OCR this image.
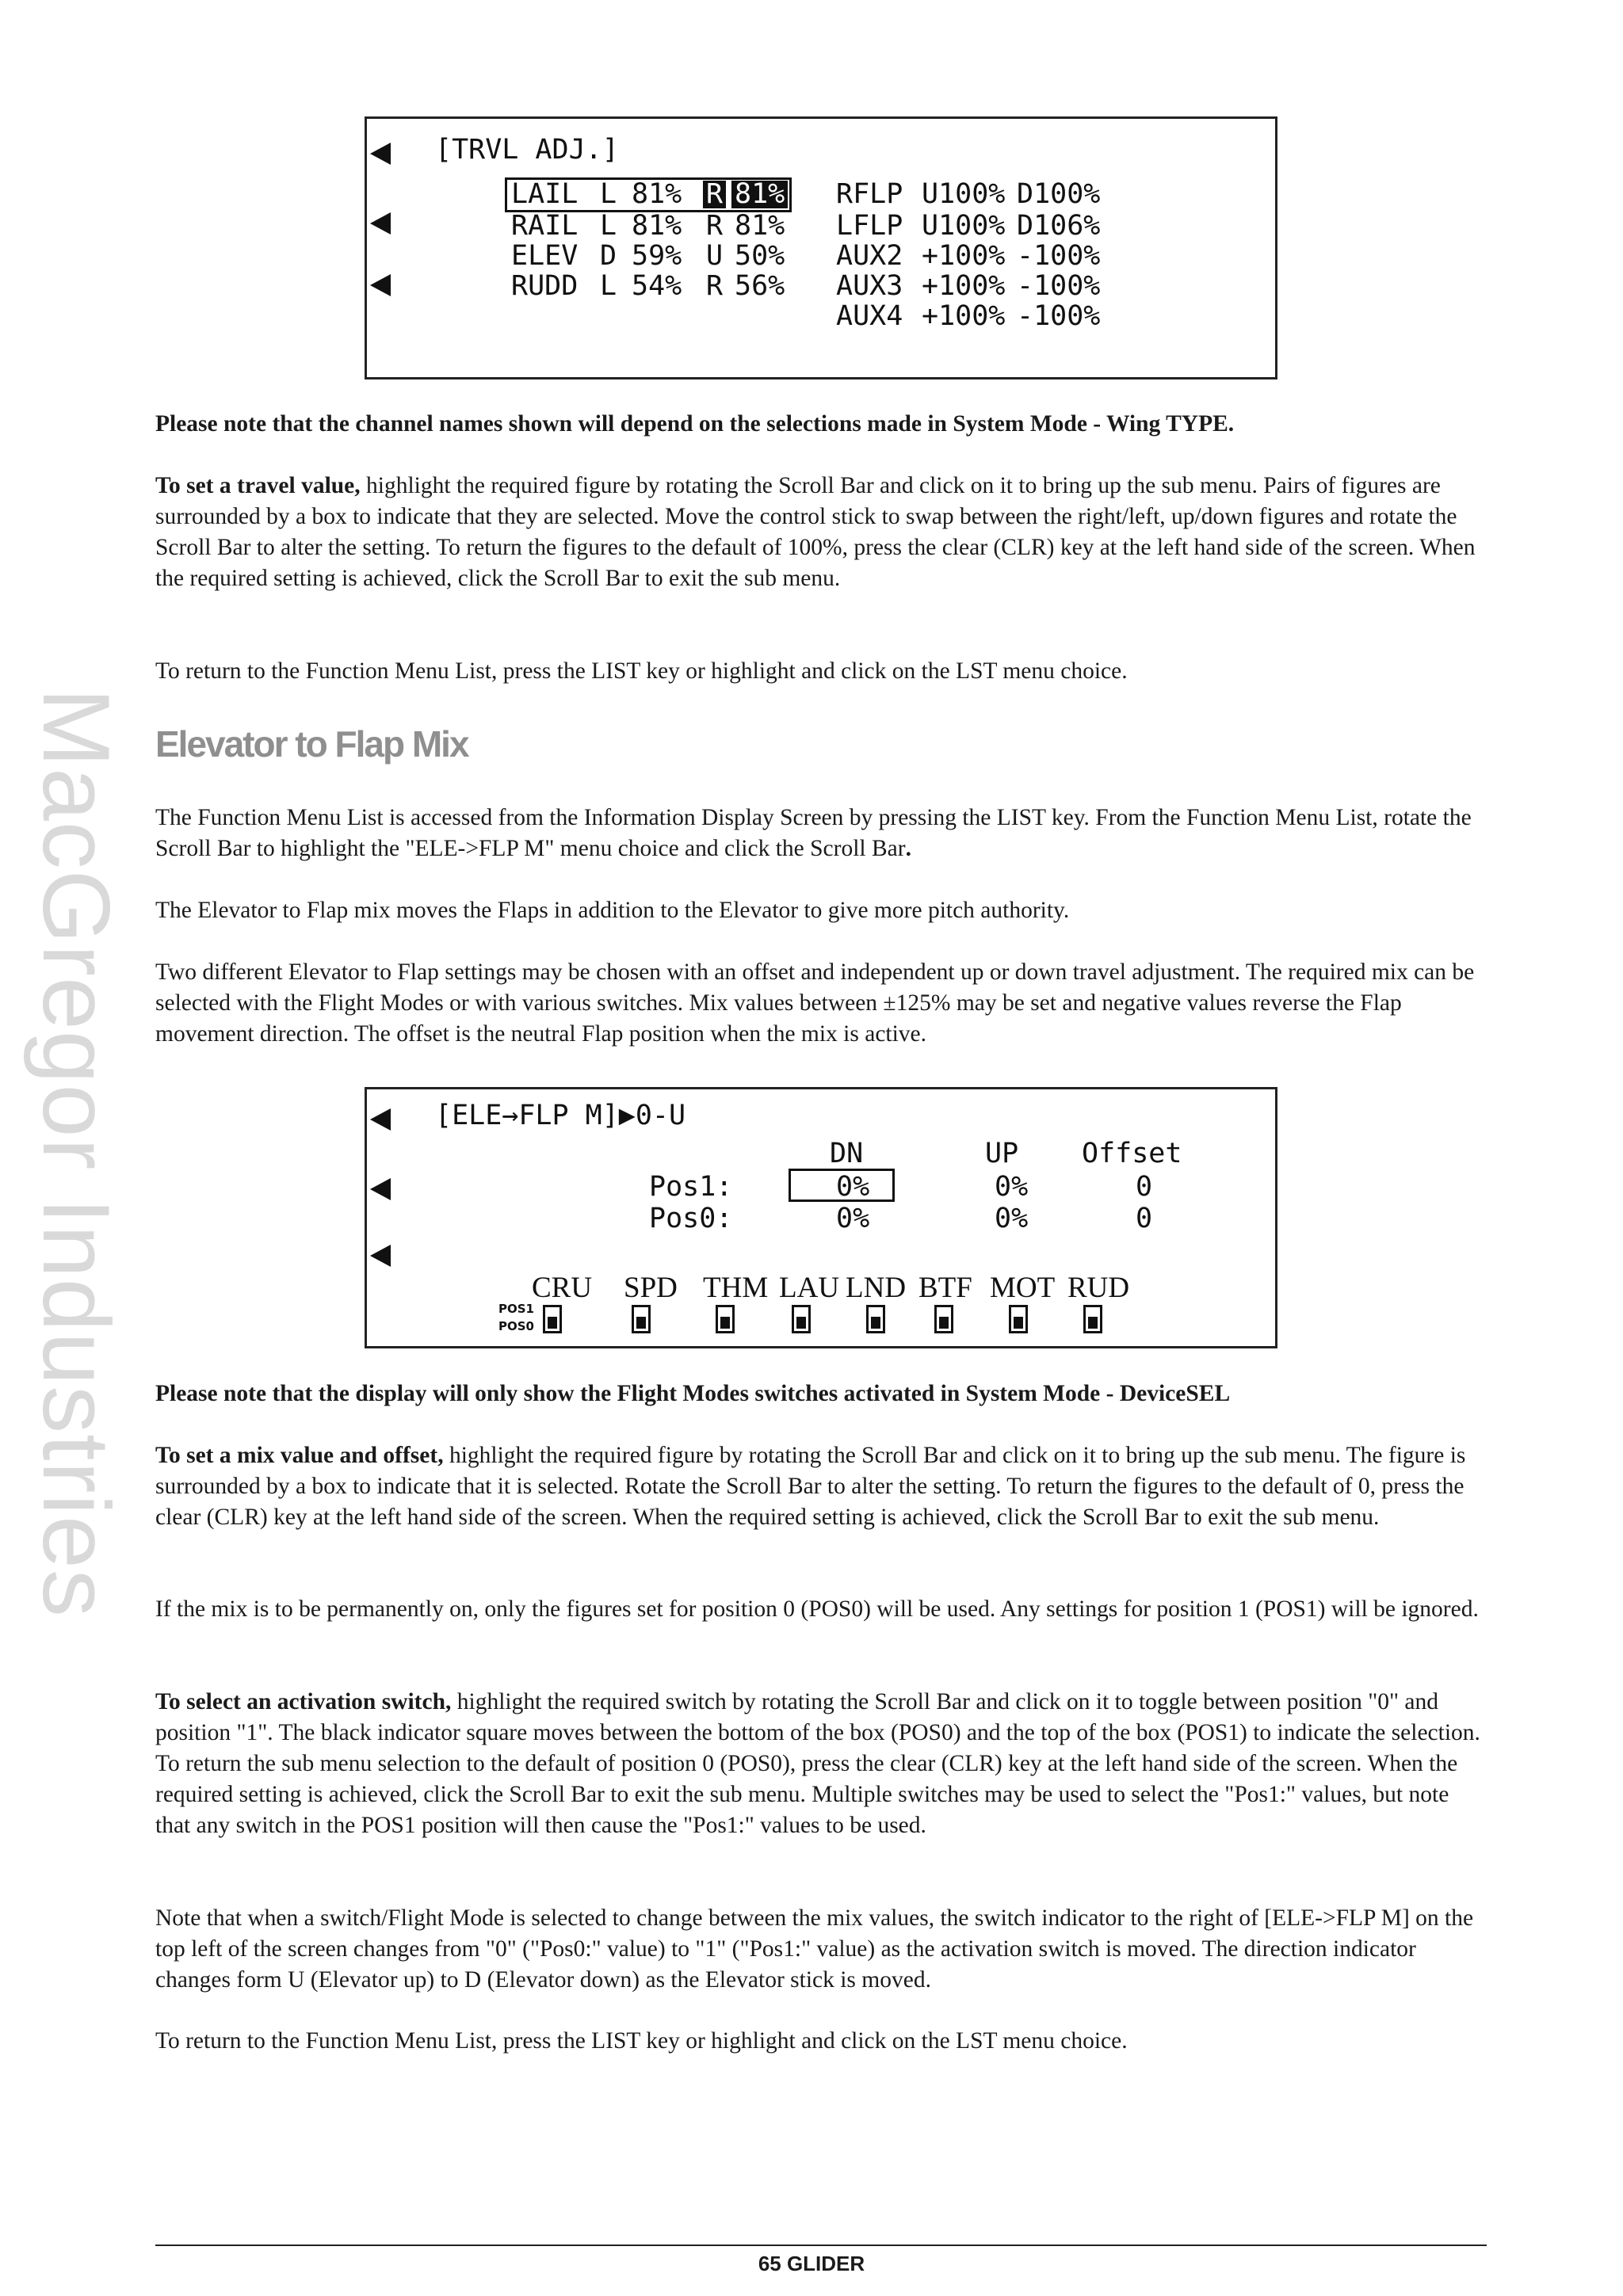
MacGregor Industries
[TRVL ADJ.]
LAIL L 81% R 81% RFLP U100% D100%
RAIL L 81% R 81% LFLP U100% D106%
ELEV D 59% U 50% AUX2 +100% -100%
RUDD L 54% R 56% AUX3 +100% -100%
AUX4 +100% -100%

Please note that the channel names shown will depend on the selections made in System Mode - Wing TYPE.

To set a travel value, highlight the required figure by rotating the Scroll Bar and click on it to bring up the sub menu. Pairs of figures are surrounded by a box to indicate that they are selected. Move the control stick to swap between the right/left, up/down figures and rotate the Scroll Bar to alter the setting. To return the figures to the default of 100%, press the clear (CLR) key at the left hand side of the screen. When the required setting is achieved, click the Scroll Bar to exit the sub menu.

To return to the Function Menu List, press the LIST key or highlight and click on the LST menu choice.

Elevator to Flap Mix

The Function Menu List is accessed from the Information Display Screen by pressing the LIST key. From the Function Menu List, rotate the Scroll Bar to highlight the "ELE->FLP M" menu choice and click the Scroll Bar.

The Elevator to Flap mix moves the Flaps in addition to the Elevator to give more pitch authority.

Two different Elevator to Flap settings may be chosen with an offset and independent up or down travel adjustment. The required mix can be selected with the Flight Modes or with various switches. Mix values between ±125% may be set and negative values reverse the Flap movement direction. The offset is the neutral Flap position when the mix is active.

[ELE→FLP M]▶0-U
DN	UP Offset
Pos1:	0%	0%	0
Pos0:	0%	0%	0
POS1
POS0
CRU SPD THM LAU LND BTF MOT RUD

Please note that the display will only show the Flight Modes switches activated in System Mode - DeviceSEL

To set a mix value and offset, highlight the required figure by rotating the Scroll Bar and click on it to bring up the sub menu. The figure is surrounded by a box to indicate that it is selected. Rotate the Scroll Bar to alter the setting. To return the figures to the default of 0, press the clear (CLR) key at the left hand side of the screen. When the required setting is achieved, click the Scroll Bar to exit the sub menu.

If the mix is to be permanently on, only the figures set for position 0 (POS0) will be used. Any settings for position 1 (POS1) will be ignored.

To select an activation switch, highlight the required switch by rotating the Scroll Bar and click on it to toggle between position "0" and position "1". The black indicator square moves between the bottom of the box (POS0) and the top of the box (POS1) to indicate the selection. To return the sub menu selection to the default of position 0 (POS0), press the clear (CLR) key at the left hand side of the screen. When the required setting is achieved, click the Scroll Bar to exit the sub menu. Multiple switches may be used to select the "Pos1:" values, but note that any switch in the POS1 position will then cause the "Pos1:" values to be used.

Note that when a switch/Flight Mode is selected to change between the mix values, the switch indicator to the right of [ELE->FLP M] on the top left of the screen changes from "0" ("Pos0:" value) to "1" ("Pos1:" value) as the activation switch is moved. The direction indicator changes form U (Elevator up) to D (Elevator down) as the Elevator stick is moved.

To return to the Function Menu List, press the LIST key or highlight and click on the LST menu choice.

65 GLIDER
